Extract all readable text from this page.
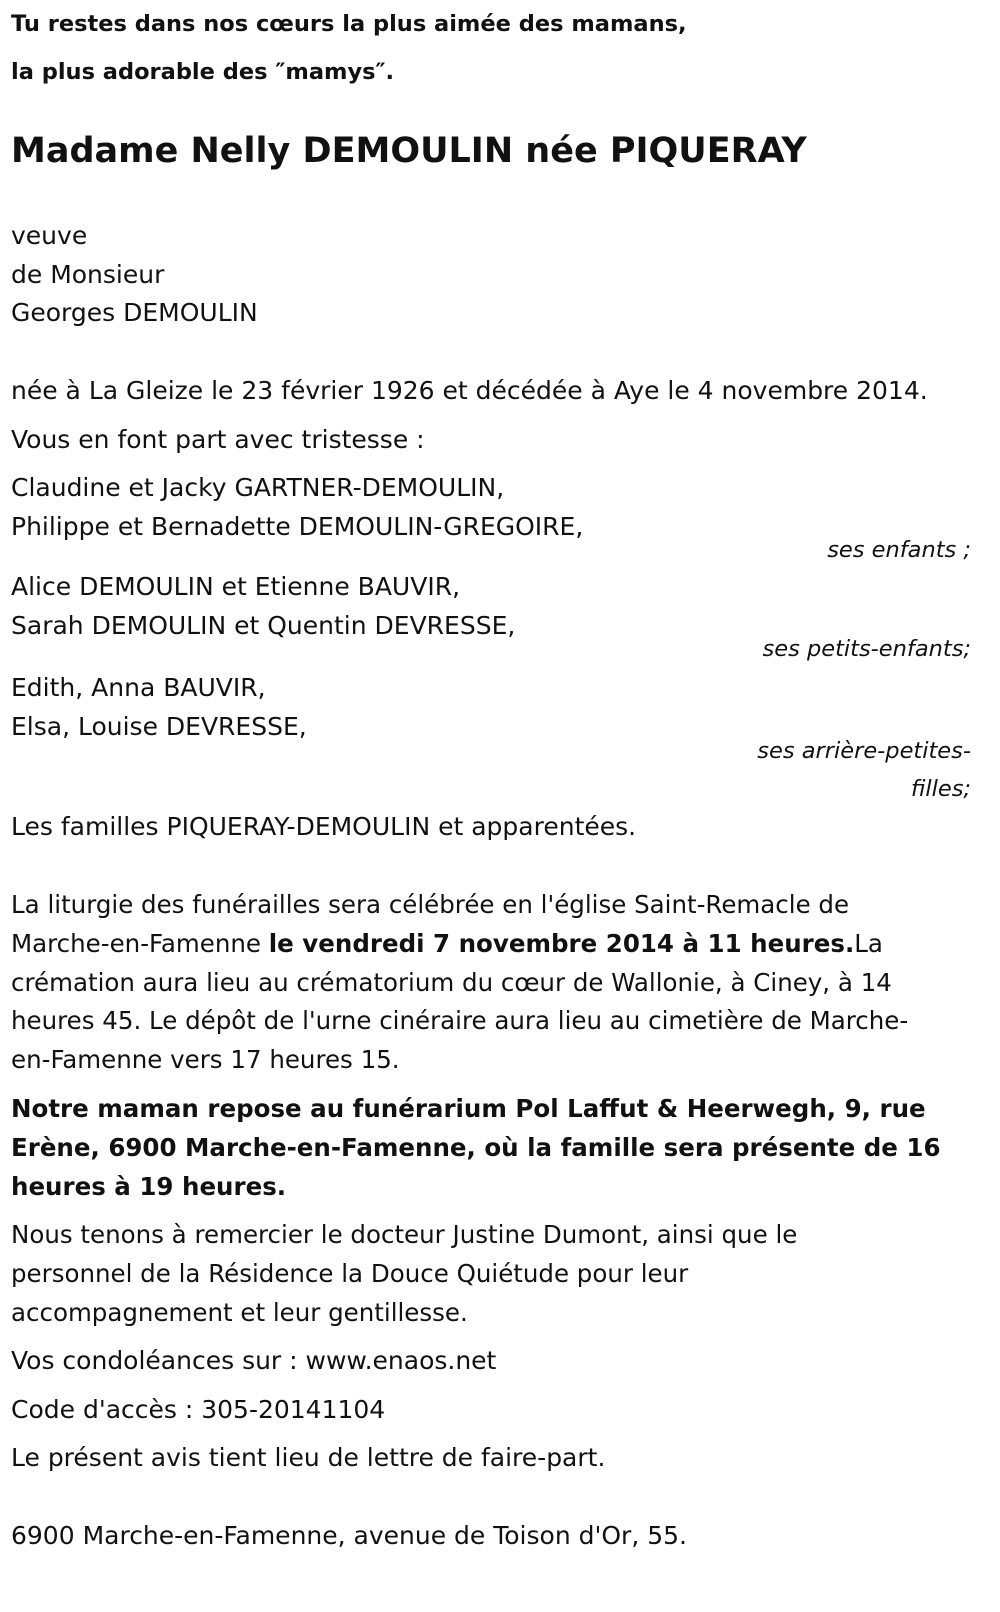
Tu restes dans nos cœurs la plus aimée des mamans,
la plus adorable des ″mamys″.
Madame Nelly DEMOULIN née PIQUERAY
veuve
de Monsieur
Georges DEMOULIN
née à La Gleize le 23 février 1926 et décédée à Aye le 4 novembre 2014.
Vous en font part avec tristesse :
Claudine et Jacky GARTNER-DEMOULIN,
Philippe et Bernadette DEMOULIN-GREGOIRE,
ses enfants ;
Alice DEMOULIN et Etienne BAUVIR,
Sarah DEMOULIN et Quentin DEVRESSE,
ses petits-enfants;
Edith, Anna BAUVIR,
Elsa, Louise DEVRESSE,
ses arrière-petites-
filles;
Les familles PIQUERAY-DEMOULIN et apparentées.
La liturgie des funérailles sera célébrée en l'église Saint-Remacle de
Marche-en-Famenne le vendredi 7 novembre 2014 à 11 heures.La
crémation aura lieu au crématorium du cœur de Wallonie, à Ciney, à 14
heures 45. Le dépôt de l'urne cinéraire aura lieu au cimetière de Marche-
en-Famenne vers 17 heures 15.
Notre maman repose au funérarium Pol Laffut & Heerwegh, 9, rue
Erène, 6900 Marche-en-Famenne, où la famille sera présente de 16
heures à 19 heures.
Nous tenons à remercier le docteur Justine Dumont, ainsi que le
personnel de la Résidence la Douce Quiétude pour leur
accompagnement et leur gentillesse.
Vos condoléances sur : www.enaos.net
Code d'accès : 305-20141104
Le présent avis tient lieu de lettre de faire-part.
6900 Marche-en-Famenne, avenue de Toison d'Or, 55.
